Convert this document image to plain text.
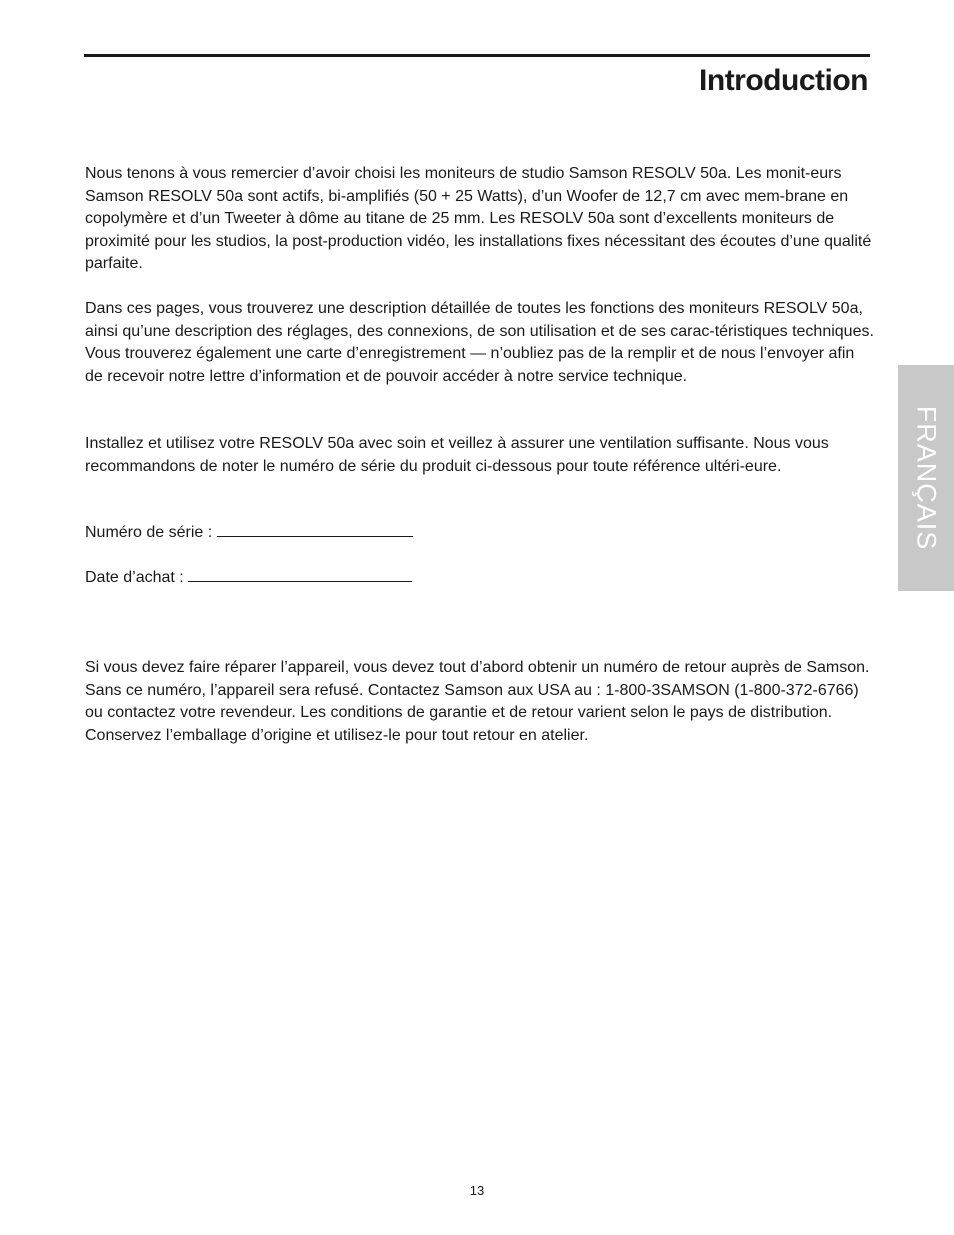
Introduction
FRANÇAIS

Nous tenons à vous remercier d’avoir choisi les moniteurs de studio Samson RESOLV 50a. Les monit-eurs Samson RESOLV 50a sont actifs, bi-amplifiés (50 + 25 Watts), d’un Woofer de 12,7 cm avec mem-brane en copolymère et d’un Tweeter à dôme au titane de 25 mm. Les RESOLV 50a sont d’excellents moniteurs de proximité pour les studios, la post-production vidéo, les installations fixes nécessitant des écoutes d’une qualité parfaite.

Dans ces pages, vous trouverez une description détaillée de toutes les fonctions des moniteurs RESOLV 50a, ainsi qu’une description des réglages, des connexions, de son utilisation et de ses carac-téristiques techniques. Vous trouverez également une carte d’enregistrement — n’oubliez pas de la remplir et de nous l’envoyer afin de recevoir notre lettre d’information et de pouvoir accéder à notre service technique.

Installez et utilisez votre RESOLV 50a avec soin et veillez à assurer une ventilation suffisante. Nous vous recommandons de noter le numéro de série du produit ci-dessous pour toute référence ultéri-eure.

Numéro de série :

Date d’achat :

Si vous devez faire réparer l’appareil, vous devez tout d’abord obtenir un numéro de retour auprès de Samson. Sans ce numéro, l’appareil sera refusé. Contactez Samson aux USA au : 1-800-3SAMSON (1-800-372-6766) ou contactez votre revendeur. Les conditions de garantie et de retour varient selon le pays de distribution. Conservez l’emballage d’origine et utilisez-le pour tout retour en atelier.

13
